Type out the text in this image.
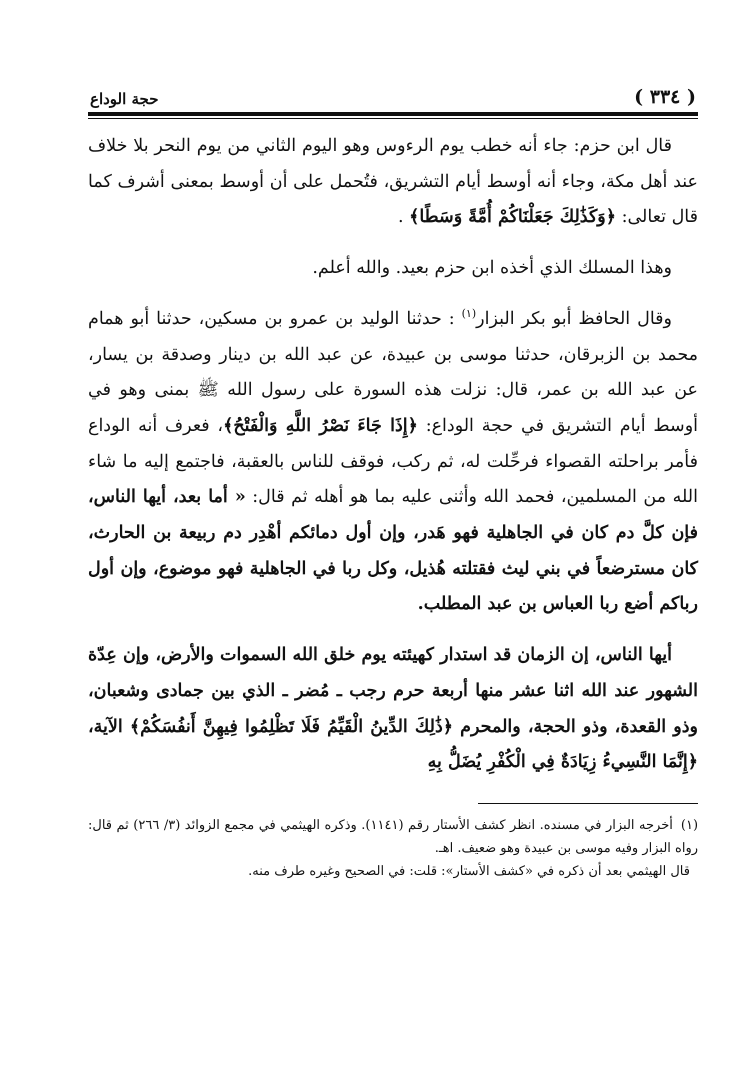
( ٣٣٤ )
حجة الوداع

قال ابن حزم: جاء أنه خطب يوم الرءوس وهو اليوم الثاني من يوم النحر بلا خلاف عند أهل مكة، وجاء أنه أوسط أيام التشريق، فتُحمل على أن أوسط بمعنى أشرف كما قال تعالى: ﴿وَكَذَٰلِكَ جَعَلْنَاكُمْ أُمَّةً وَسَطًا﴾ .

وهذا المسلك الذي أخذه ابن حزم بعيد. والله أعلم.

وقال الحافظ أبو بكر البزار$^{(١)}$ : حدثنا الوليد بن عمرو بن مسكين، حدثنا أبو همام محمد بن الزبرقان، حدثنا موسى بن عبيدة، عن عبد الله بن دينار وصدقة بن يسار، عن عبد الله بن عمر، قال: نزلت هذه السورة على رسول الله ﷺ بمنى وهو في أوسط أيام التشريق في حجة الوداع: ﴿إِذَا جَاءَ نَصْرُ اللَّهِ وَالْفَتْحُ﴾، فعرف أنه الوداع فأمر براحلته القصواء فرحِّلت له، ثم ركب، فوقف للناس بالعقبة، فاجتمع إليه ما شاء الله من المسلمين، فحمد الله وأثنى عليه بما هو أهله ثم قال: « أما بعد، أيها الناس، فإن كلَّ دم كان في الجاهلية فهو هَدر، وإن أول دمائكم أهْدِر دم ربيعة بن الحارث، كان مسترضعاً في بني ليث فقتلته هُذيل، وكل ربا في الجاهلية فهو موضوع، وإن أول رباكم أضع ربا العباس بن عبد المطلب.

أيها الناس، إن الزمان قد استدار كهيئته يوم خلق الله السموات والأرض، وإن عِدّة الشهور عند الله اثنا عشر منها أربعة حرم رجب ـ مُضر ـ الذي بين جمادى وشعبان، وذو القعدة، وذو الحجة، والمحرم ﴿ذَٰلِكَ الدِّينُ الْقَيِّمُ فَلَا تَظْلِمُوا فِيهِنَّ أَنفُسَكُمْ﴾ الآية، ﴿إِنَّمَا النَّسِيءُ زِيَادَةٌ فِي الْكُفْرِ يُضَلُّ بِهِ

(١)أخرجه البزار في مسنده. انظر كشف الأستار رقم (١١٤١). وذكره الهيثمي في مجمع الزوائد (٣/ ٢٦٦) ثم قال: رواه البزار وفيه موسى بن عبيدة وهو ضعيف. اهـ.

قال الهيثمي بعد أن ذكره في «كشف الأستار»: قلت: في الصحيح وغيره طرف منه.
